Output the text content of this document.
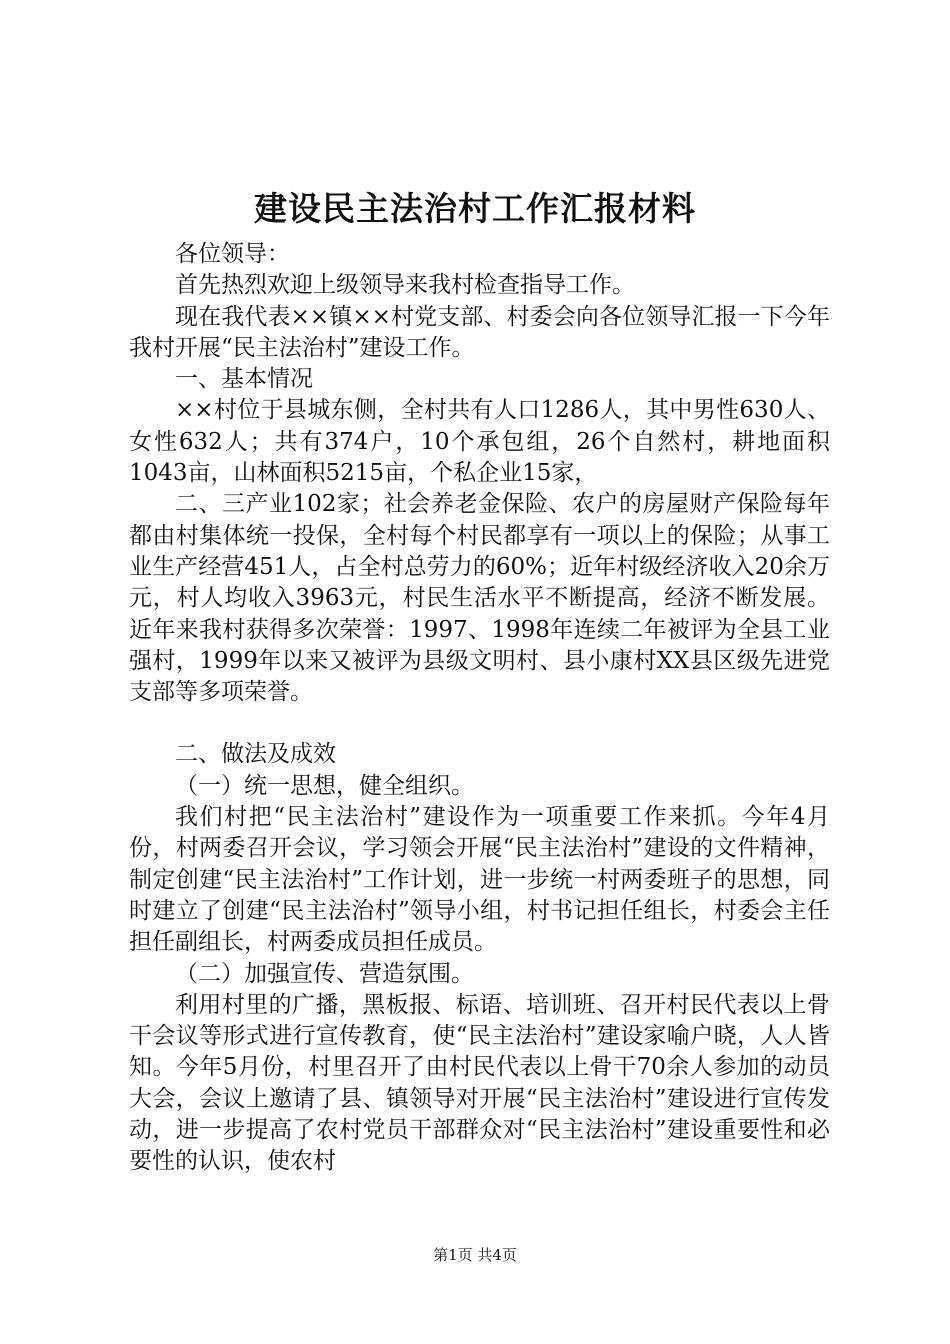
建设民主法治村工作汇报材料

各位领导：

首先热烈欢迎上级领导来我村检查指导工作。

现在我代表××镇××村党支部、村委会向各位领导汇报一下今年我村开展“民主法治村”建设工作。

一、基本情况

××村位于县城东侧，全村共有人口1286人，其中男性630人、女性632人；共有374户，10个承包组，26个自然村，耕地面积1043亩，山林面积5215亩，个私企业15家，

二、三产业102家；社会养老金保险、农户的房屋财产保险每年都由村集体统一投保，全村每个村民都享有一项以上的保险；从事工业生产经营451人，占全村总劳力的60%；近年村级经济收入20余万元，村人均收入3963元，村民生活水平不断提高，经济不断发展。近年来我村获得多次荣誉：1997、1998年连续二年被评为全县工业强村，1999年以来又被评为县级文明村、县小康村XX县区级先进党支部等多项荣誉。

二、做法及成效

（一）统一思想，健全组织。

我们村把“民主法治村”建设作为一项重要工作来抓。今年4月份，村两委召开会议，学习领会开展“民主法治村”建设的文件精神，制定创建“民主法治村”工作计划，进一步统一村两委班子的思想，同时建立了创建“民主法治村”领导小组，村书记担任组长，村委会主任担任副组长，村两委成员担任成员。

（二）加强宣传、营造氛围。

利用村里的广播，黑板报、标语、培训班、召开村民代表以上骨干会议等形式进行宣传教育，使“民主法治村”建设家喻户晓，人人皆知。今年5月份，村里召开了由村民代表以上骨干70余人参加的动员大会，会议上邀请了县、镇领导对开展“民主法治村”建设进行宣传发动，进一步提高了农村党员干部群众对“民主法治村”建设重要性和必要性的认识，使农村

第1页 共4页
